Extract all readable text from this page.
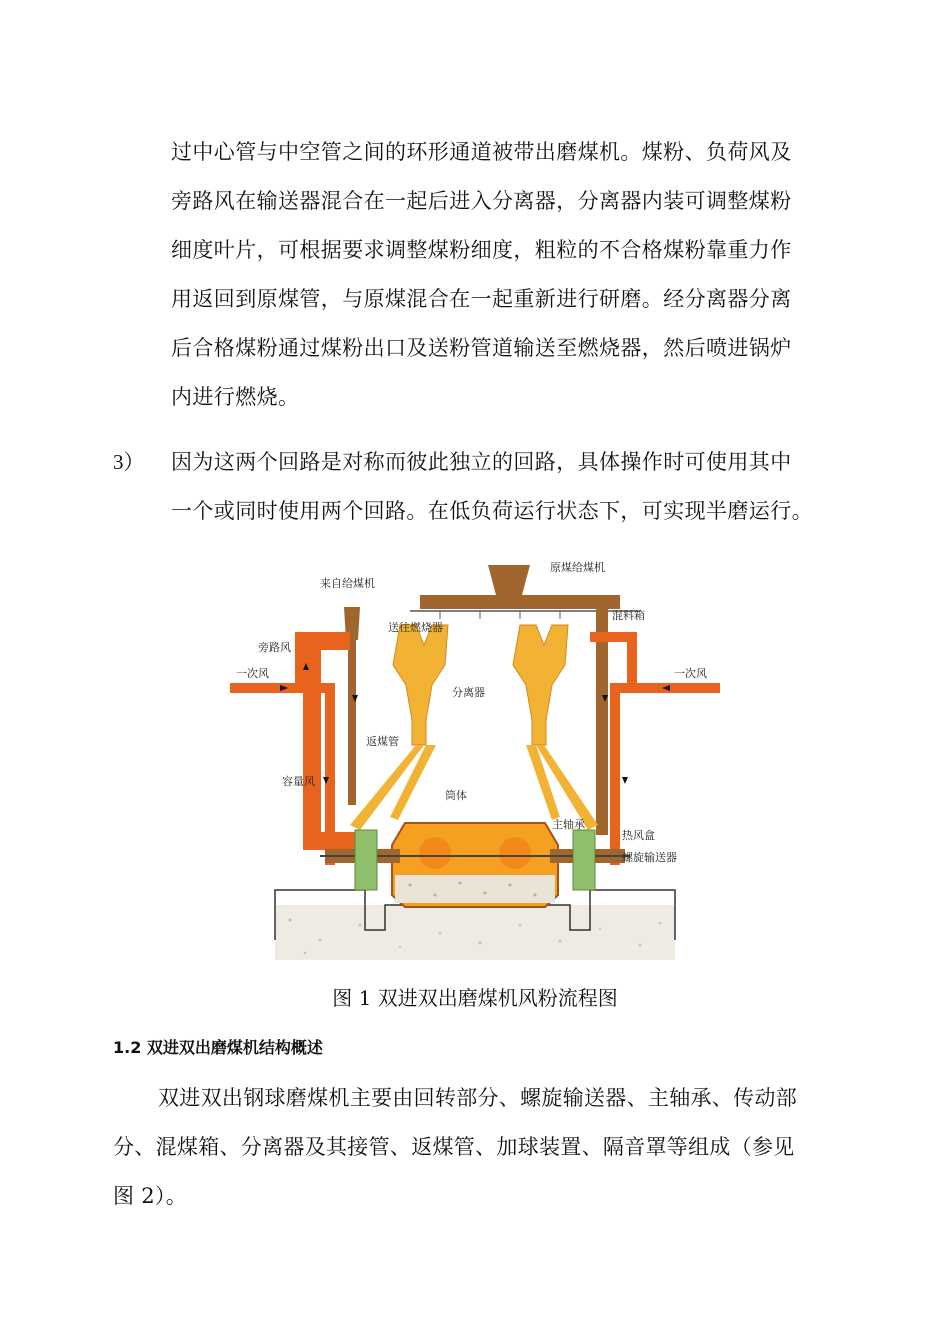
过中心管与中空管之间的环形通道被带出磨煤机。煤粉、负荷风及
旁路风在输送器混合在一起后进入分离器，分离器内装可调整煤粉
细度叶片，可根据要求调整煤粉细度，粗粒的不合格煤粉靠重力作
用返回到原煤管，与原煤混合在一起重新进行研磨。经分离器分离
后合格煤粉通过煤粉出口及送粉管道输送至燃烧器，然后喷进锅炉
内进行燃烧。
3） 因为这两个回路是对称而彼此独立的回路，具体操作时可使用其中
一个或同时使用两个回路。在低负荷运行状态下，可实现半磨运行。
原煤给煤机
来自给煤机
混料箱
送往燃烧器
旁路风
一次风	一次风
分离器
返煤管
容量风
筒体
主轴承
热风盒
螺旋输送器
图 1 双进双出磨煤机风粉流程图
1.2 双进双出磨煤机结构概述
双进双出钢球磨煤机主要由回转部分、螺旋输送器、主轴承、传动部
分、混煤箱、分离器及其接管、返煤管、加球装置、隔音罩等组成（参见
图 2）。
